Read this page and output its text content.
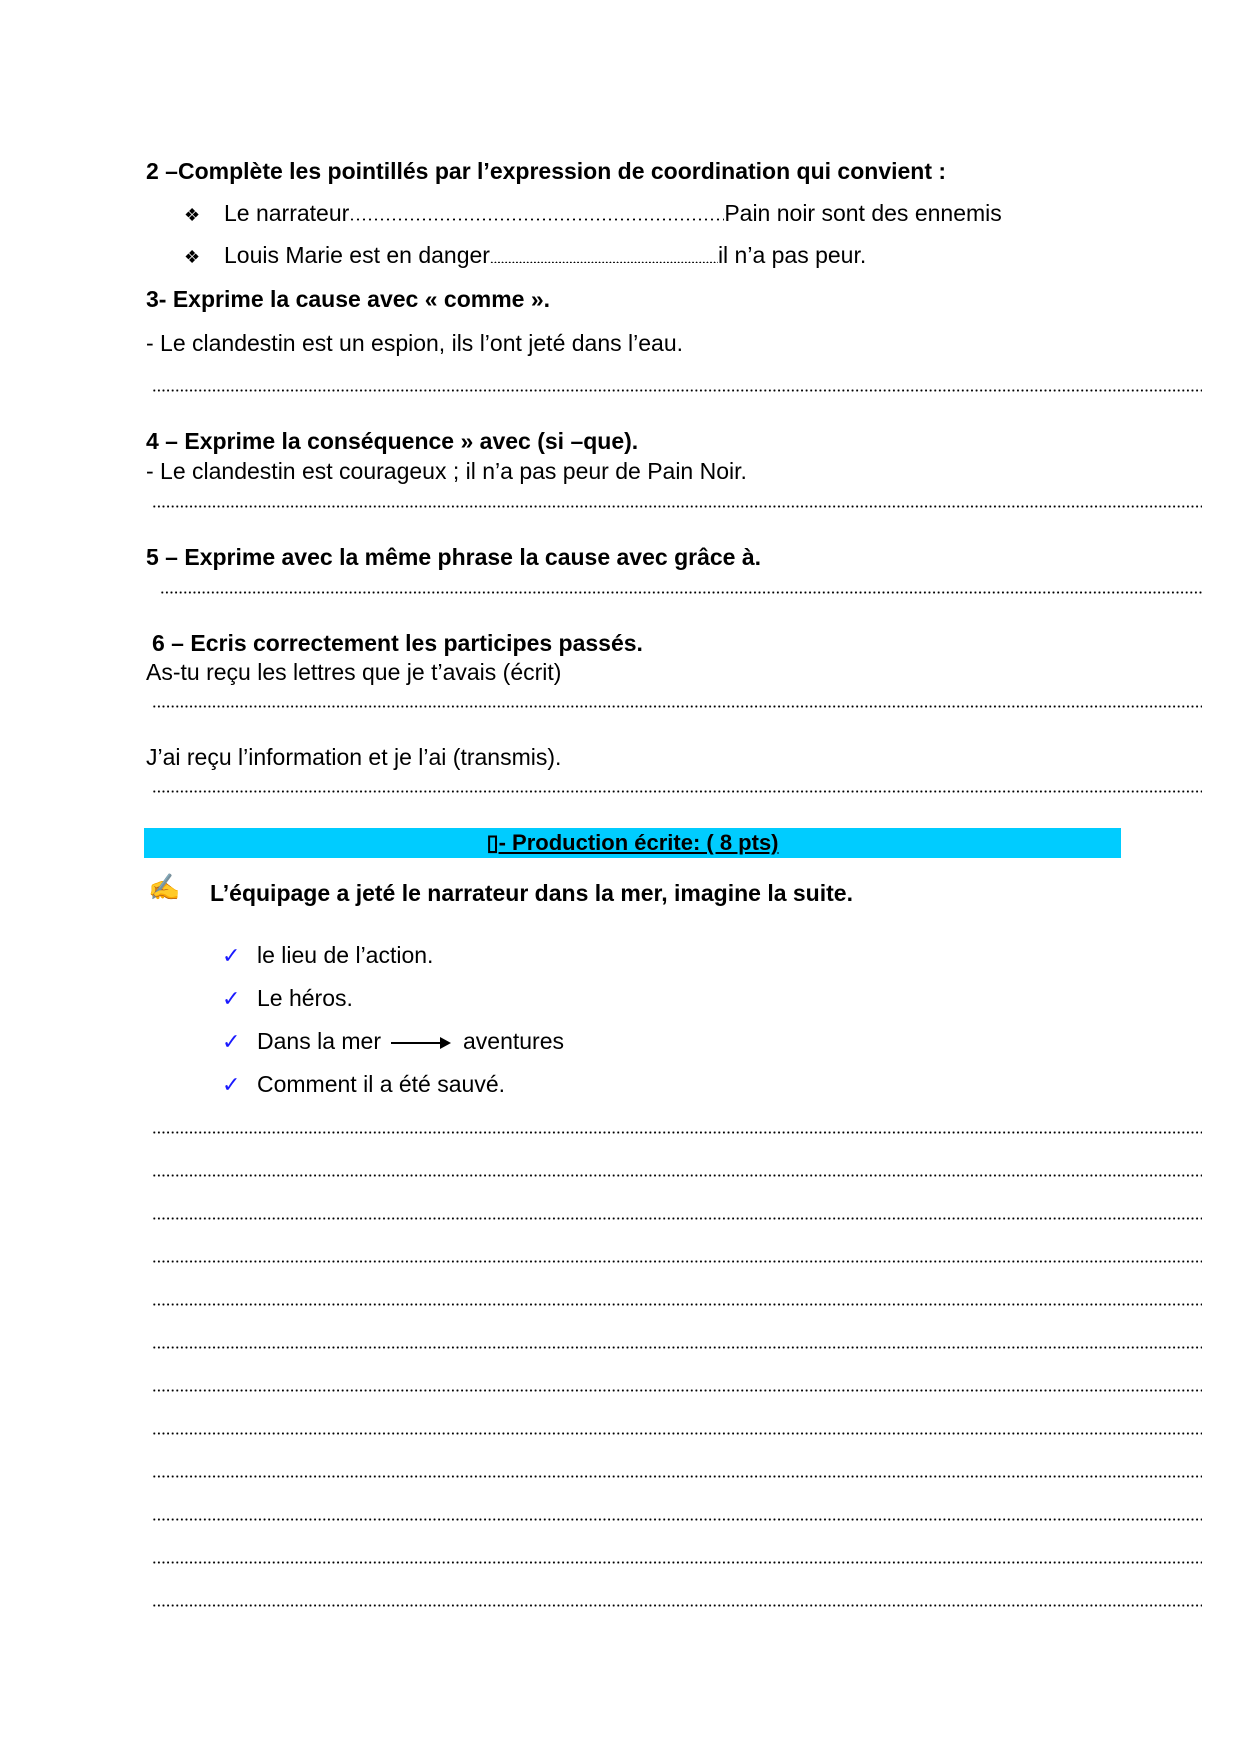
2 –Complète les pointillés par l’expression de coordination qui convient :
❖ Le narrateur	Pain noir sont des ennemis
❖ Louis Marie est en danger	il n’a pas peur.
3- Exprime la cause avec « comme ».
- Le clandestin est un espion, ils l’ont jeté dans l’eau.
4 – Exprime la conséquence » avec (si –que).
- Le clandestin est courageux ; il n’a pas peur de Pain Noir.
5 – Exprime avec la même phrase la cause avec grâce à.
6 – Ecris correctement les participes passés.
As-tu reçu les lettres que je t’avais (écrit)
J’ai reçu l’information et je l’ai (transmis).
▯- Production écrite: ( 8 pts)
✍ L’équipage a jeté le narrateur dans la mer, imagine la suite.
✓ le lieu de l’action.
✓ Le héros.
✓ Dans la mer	aventures
✓ Comment il a été sauvé.
